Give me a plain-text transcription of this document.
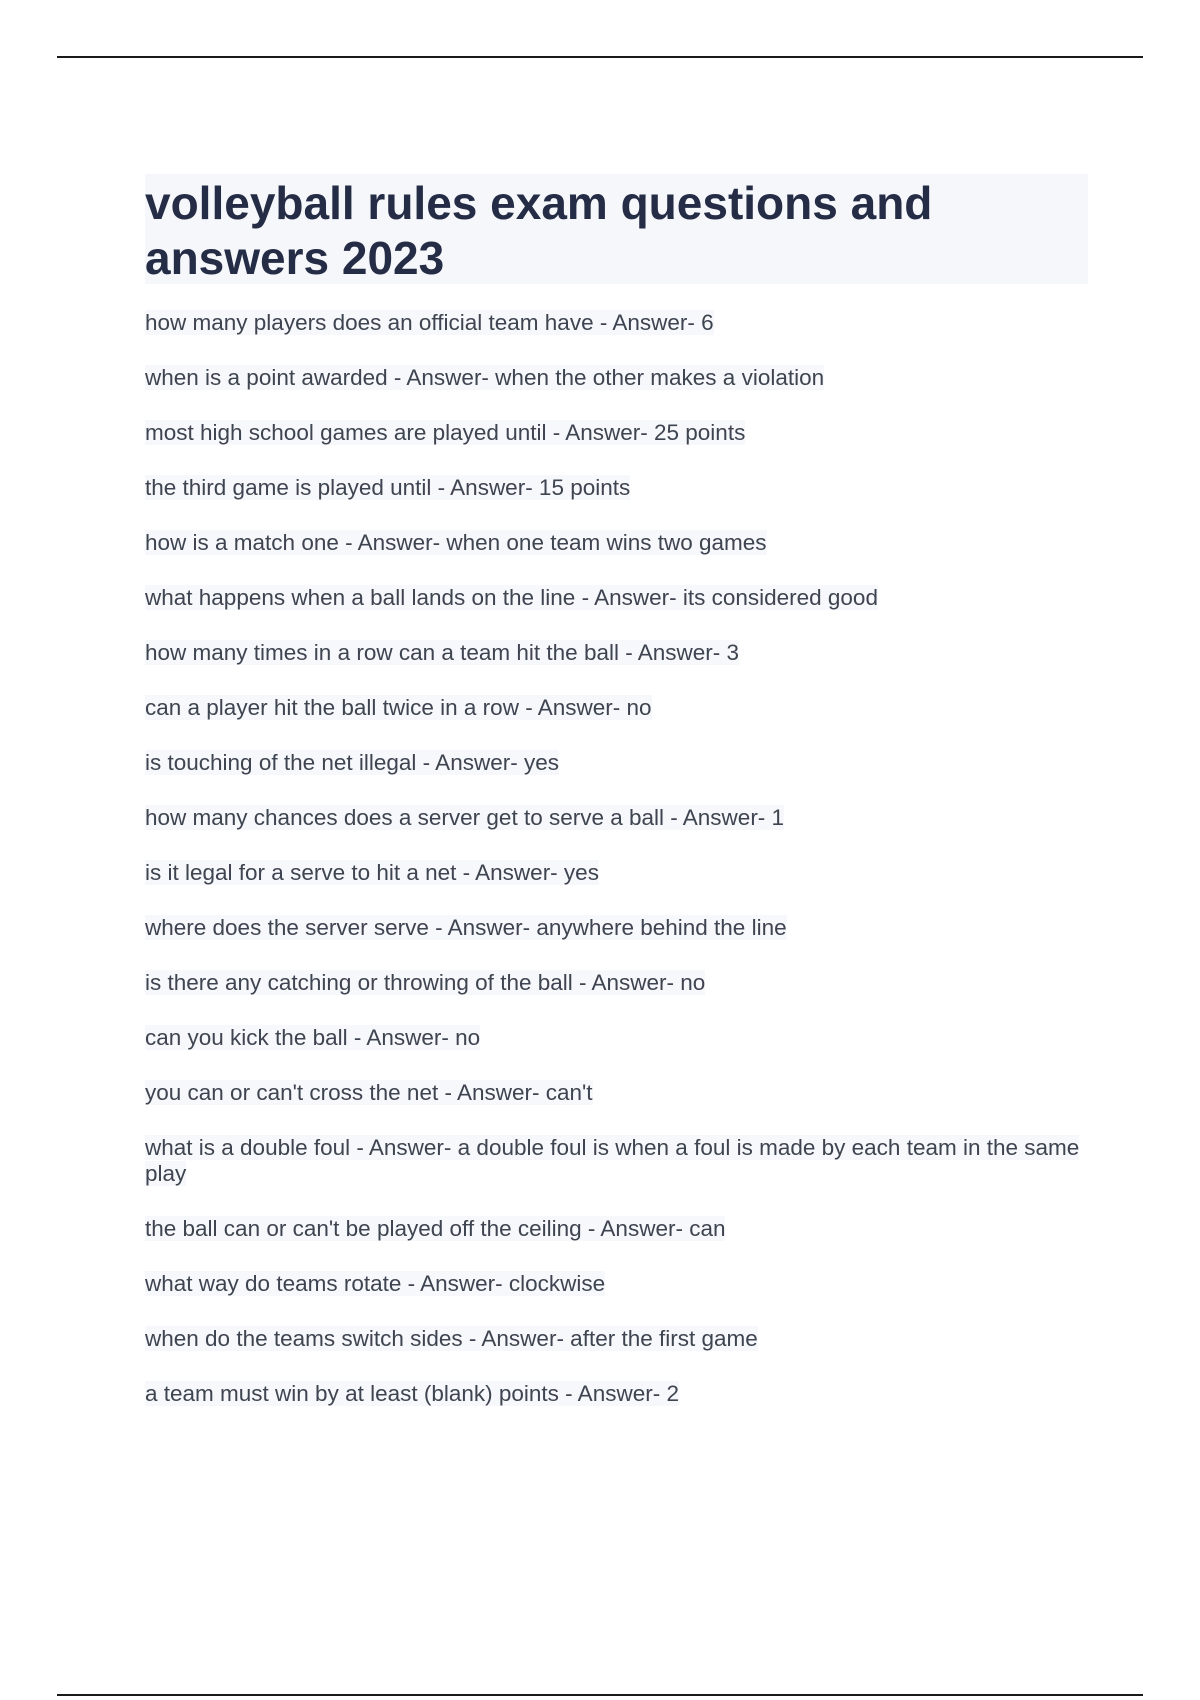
volleyball rules exam questions and answers 2023
how many players does an official team have - Answer- 6
when is a point awarded - Answer- when the other makes a violation
most high school games are played until - Answer- 25 points
the third game is played until - Answer- 15 points
how is a match one - Answer- when one team wins two games
what happens when a ball lands on the line - Answer- its considered good
how many times in a row can a team hit the ball - Answer- 3
can a player hit the ball twice in a row - Answer- no
is touching of the net illegal - Answer- yes
how many chances does a server get to serve a ball - Answer- 1
is it legal for a serve to hit a net - Answer- yes
where does the server serve - Answer- anywhere behind the line
is there any catching or throwing of the ball - Answer- no
can you kick the ball - Answer- no
you can or can't cross the net - Answer- can't
what is a double foul - Answer- a double foul is when a foul is made by each team in the same play
the ball can or can't be played off the ceiling - Answer- can
what way do teams rotate - Answer- clockwise
when do the teams switch sides - Answer- after the first game
a team must win by at least (blank) points - Answer- 2
